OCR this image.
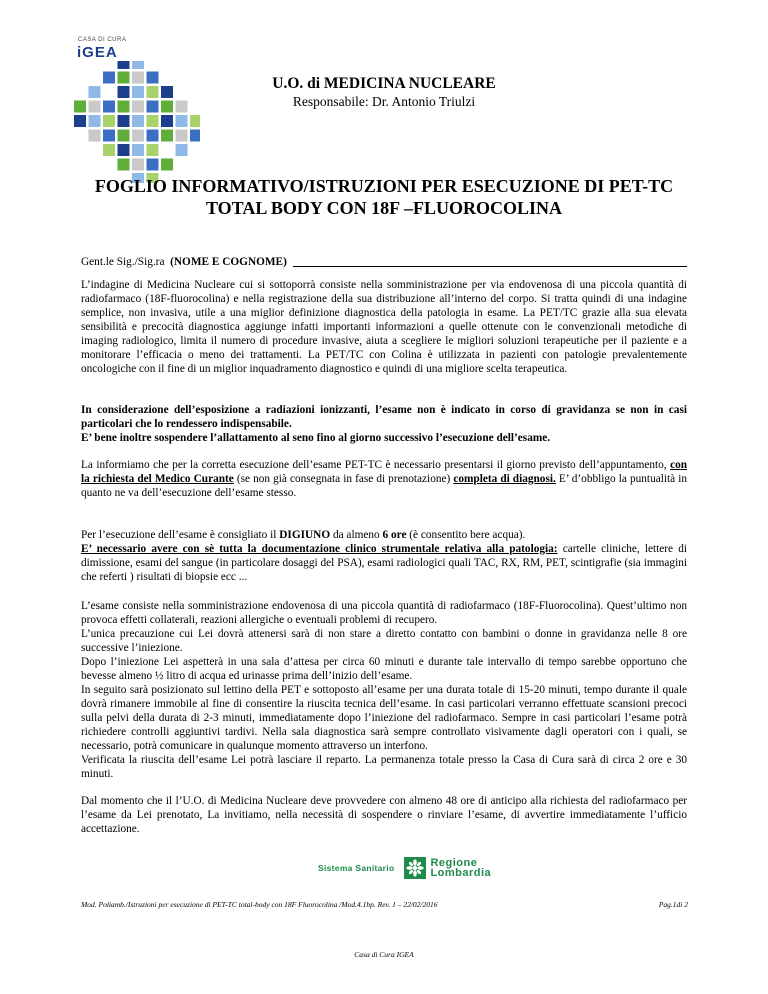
CASA DI CURA
iGEA
U.O. di MEDICINA NUCLEARE
Responsabile: Dr. Antonio Triulzi
FOGLIO INFORMATIVO/ISTRUZIONI PER ESECUZIONE DI PET-TC
TOTAL BODY CON 18F –FLUOROCOLINA
Gent.le Sig./Sig.ra
(NOME E COGNOME)

L’indagine di Medicina Nucleare cui si sottoporrà consiste nella somministrazione per via endovenosa di una piccola quantità di radiofarmaco (18F-fluorocolina) e nella registrazione della sua distribuzione all’interno del corpo. Si tratta quindi di una indagine semplice, non invasiva, utile a una miglior definizione diagnostica della patologia in esame. La PET/TC grazie alla sua elevata sensibilità e precocità diagnostica aggiunge infatti importanti informazioni a quelle ottenute con le convenzionali metodiche di imaging radiologico, limita il numero di procedure invasive, aiuta a scegliere le migliori soluzioni terapeutiche per il paziente e a monitorare l’efficacia o meno dei trattamenti. La PET/TC con Colina è utilizzata in pazienti con patologie prevalentemente oncologiche con il fine di un miglior inquadramento diagnostico e quindi di una migliore scelta terapeutica.

In considerazione dell’esposizione a radiazioni ionizzanti, l’esame non è indicato in corso di gravidanza se non in casi particolari che lo rendessero indispensabile.

E’ bene inoltre sospendere l’allattamento al seno fino al giorno successivo l’esecuzione dell’esame.

La informiamo che per la corretta esecuzione dell’esame PET-TC è necessario presentarsi il giorno previsto dell’appuntamento, con la richiesta del Medico Curante (se non già consegnata in fase di prenotazione) completa di diagnosi. E’ d’obbligo la puntualità in quanto ne va dell’esecuzione dell’esame stesso.

Per l’esecuzione dell’esame è consigliato il DIGIUNO da almeno 6 ore (è consentito bere acqua).

E’ necessario avere con sè tutta la documentazione clinico strumentale relativa alla patologia: cartelle cliniche, lettere di dimissione, esami del sangue (in particolare dosaggi del PSA), esami radiologici quali TAC, RX, RM, PET, scintigrafie (sia immagini che referti ) risultati di biopsie ecc ...

L’esame consiste nella somministrazione endovenosa di una piccola quantità di radiofarmaco (18F-Fluorocolina). Quest’ultimo non provoca effetti collaterali, reazioni allergiche o eventuali problemi di recupero.

L’unica precauzione cui Lei dovrà attenersi sarà di non stare a diretto contatto con bambini o donne in gravidanza nelle 8 ore successive l’iniezione.

Dopo l’iniezione Lei aspetterà in una sala d’attesa per circa 60 minuti e durante tale intervallo di tempo sarebbe opportuno che bevesse almeno ½ litro di acqua ed urinasse prima dell’inizio dell’esame.

In seguito sarà posizionato sul lettino della PET e sottoposto all’esame per una durata totale di 15-20 minuti, tempo durante il quale dovrà rimanere immobile al fine di consentire la riuscita tecnica dell’esame. In casi particolari verranno effettuate scansioni precoci sulla pelvi della durata di 2-3 minuti, immediatamente dopo l’iniezione del radiofarmaco. Sempre in casi particolari l’esame potrà richiedere controlli aggiuntivi tardivi. Nella sala diagnostica sarà sempre controllato visivamente dagli operatori con i quali, se necessario, potrà comunicare in qualunque momento attraverso un interfono.

Verificata la riuscita dell’esame Lei potrà lasciare il reparto. La permanenza totale presso la Casa di Cura sarà di circa 2 ore e 30 minuti.

Dal momento che il l’U.O. di Medicina Nucleare deve provvedere con almeno 48 ore di anticipo alla richiesta del radiofarmaco per l’esame da Lei prenotato, La invitiamo, nella necessità di sospendere o rinviare l’esame, di avvertire immediatamente l’ufficio accettazione.

Sistema Sanitario	Regione
Lombardia
Mod. Poliamb./Istruzioni per esecuzione di PET-TC total-body con 18F Fluorocolina /Mod.4.1bp. Rev. 1 – 22/02/2016	Pag.1di 2
Casa di Cura IGEA
